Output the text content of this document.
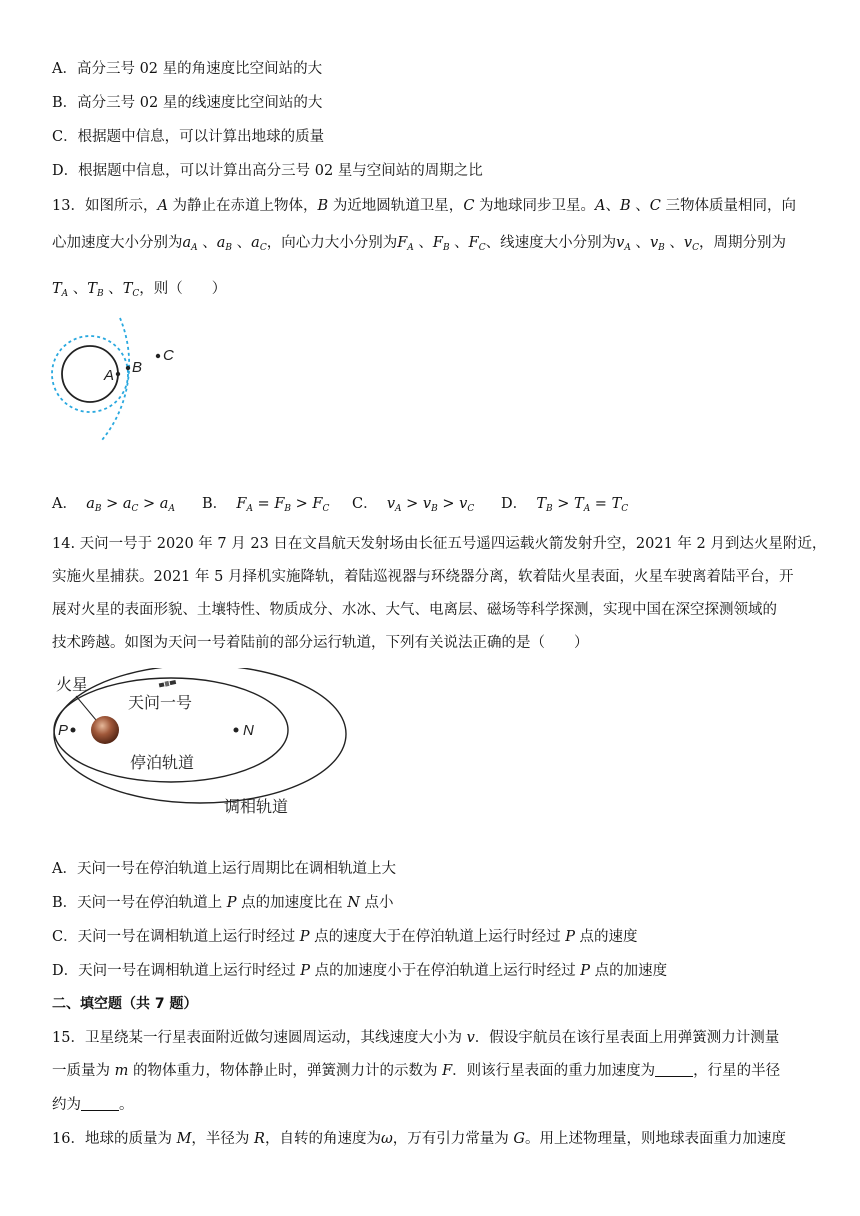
A．高分三号 02 星的角速度比空间站的大
B．高分三号 02 星的线速度比空间站的大
C．根据题中信息，可以计算出地球的质量
D．根据题中信息，可以计算出高分三号 02 星与空间站的周期之比
13．如图所示，A 为静止在赤道上物体，B 为近地圆轨道卫星，C 为地球同步卫星。A、B 、C 三物体质量相同，向
心加速度大小分别为$a_A$ 、$a_B$ 、$a_C$，向心力大小分别为$F_A$ 、$F_B$ 、$F_C$、线速度大小分别为$v_A$ 、$v_B$ 、$v_C$，周期分别为
$T_A$ 、$T_B$ 、$T_C$，则（　　）
A B
C
A． $a_B > a_C > a_A$ B． $F_A = F_B > F_C$ C． $v_A > v_B > v_C$ D． $T_B > T_A = T_C$
14. 天问一号于 2020 年 7 月 23 日在文昌航天发射场由长征五号遥四运载火箭发射升空，2021 年 2 月到达火星附近，
实施火星捕获。2021 年 5 月择机实施降轨，着陆巡视器与环绕器分离，软着陆火星表面，火星车驶离着陆平台，开
展对火星的表面形貌、土壤特性、物质成分、水冰、大气、电离层、磁场等科学探测，实现中国在深空探测领域的
技术跨越。如图为天问一号着陆前的部分运行轨道，下列有关说法正确的是（　　）
火星
天问一号
P	N
停泊轨道
调相轨道
A．天问一号在停泊轨道上运行周期比在调相轨道上大
B．天问一号在停泊轨道上 P 点的加速度比在 N 点小
C．天问一号在调相轨道上运行时经过 P 点的速度大于在停泊轨道上运行时经过 P 点的速度
D．天问一号在调相轨道上运行时经过 P 点的加速度小于在停泊轨道上运行时经过 P 点的加速度
二、填空题（共 7 题）
15．卫星绕某一行星表面附近做匀速圆周运动，其线速度大小为 v．假设宇航员在该行星表面上用弹簧测力计测量
一质量为 m 的物体重力，物体静止时，弹簧测力计的示数为 F．则该行星表面的重力加速度为	，行星的半径
约为	。
16．地球的质量为 M，半径为 R，自转的角速度为ω，万有引力常量为 G。用上述物理量，则地球表面重力加速度
